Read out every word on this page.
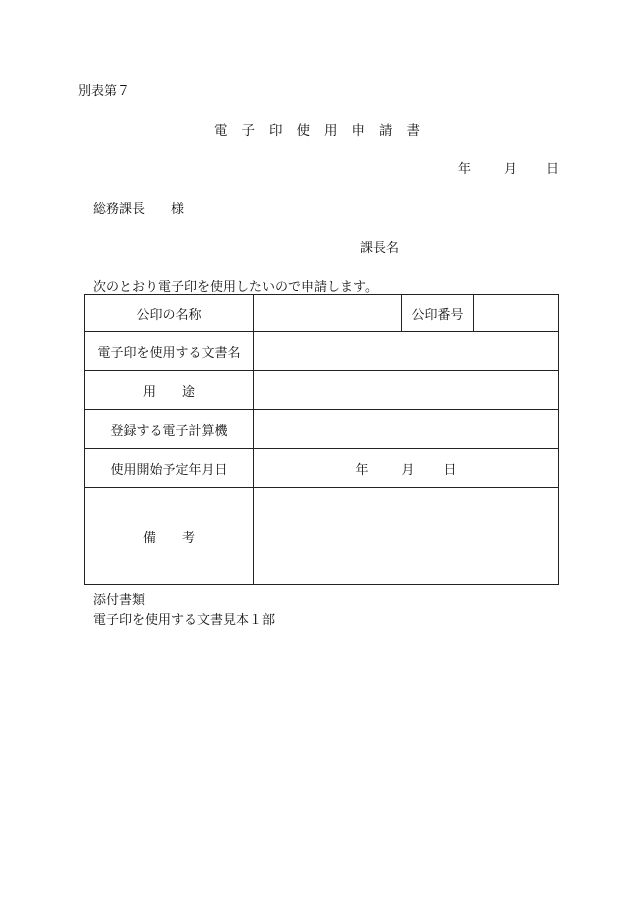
別表第７
電子印使用申請書
年	月 日
総務課長　　様
課長名
次のとおり電子印を使用したいので申請します。
公印の名称		公印番号	
電子印を使用する文書名			
用　　途			
登録する電子計算機			
使用開始予定年月日	年 月 日		
備　　考			
添付書類
電子印を使用する文書見本１部
